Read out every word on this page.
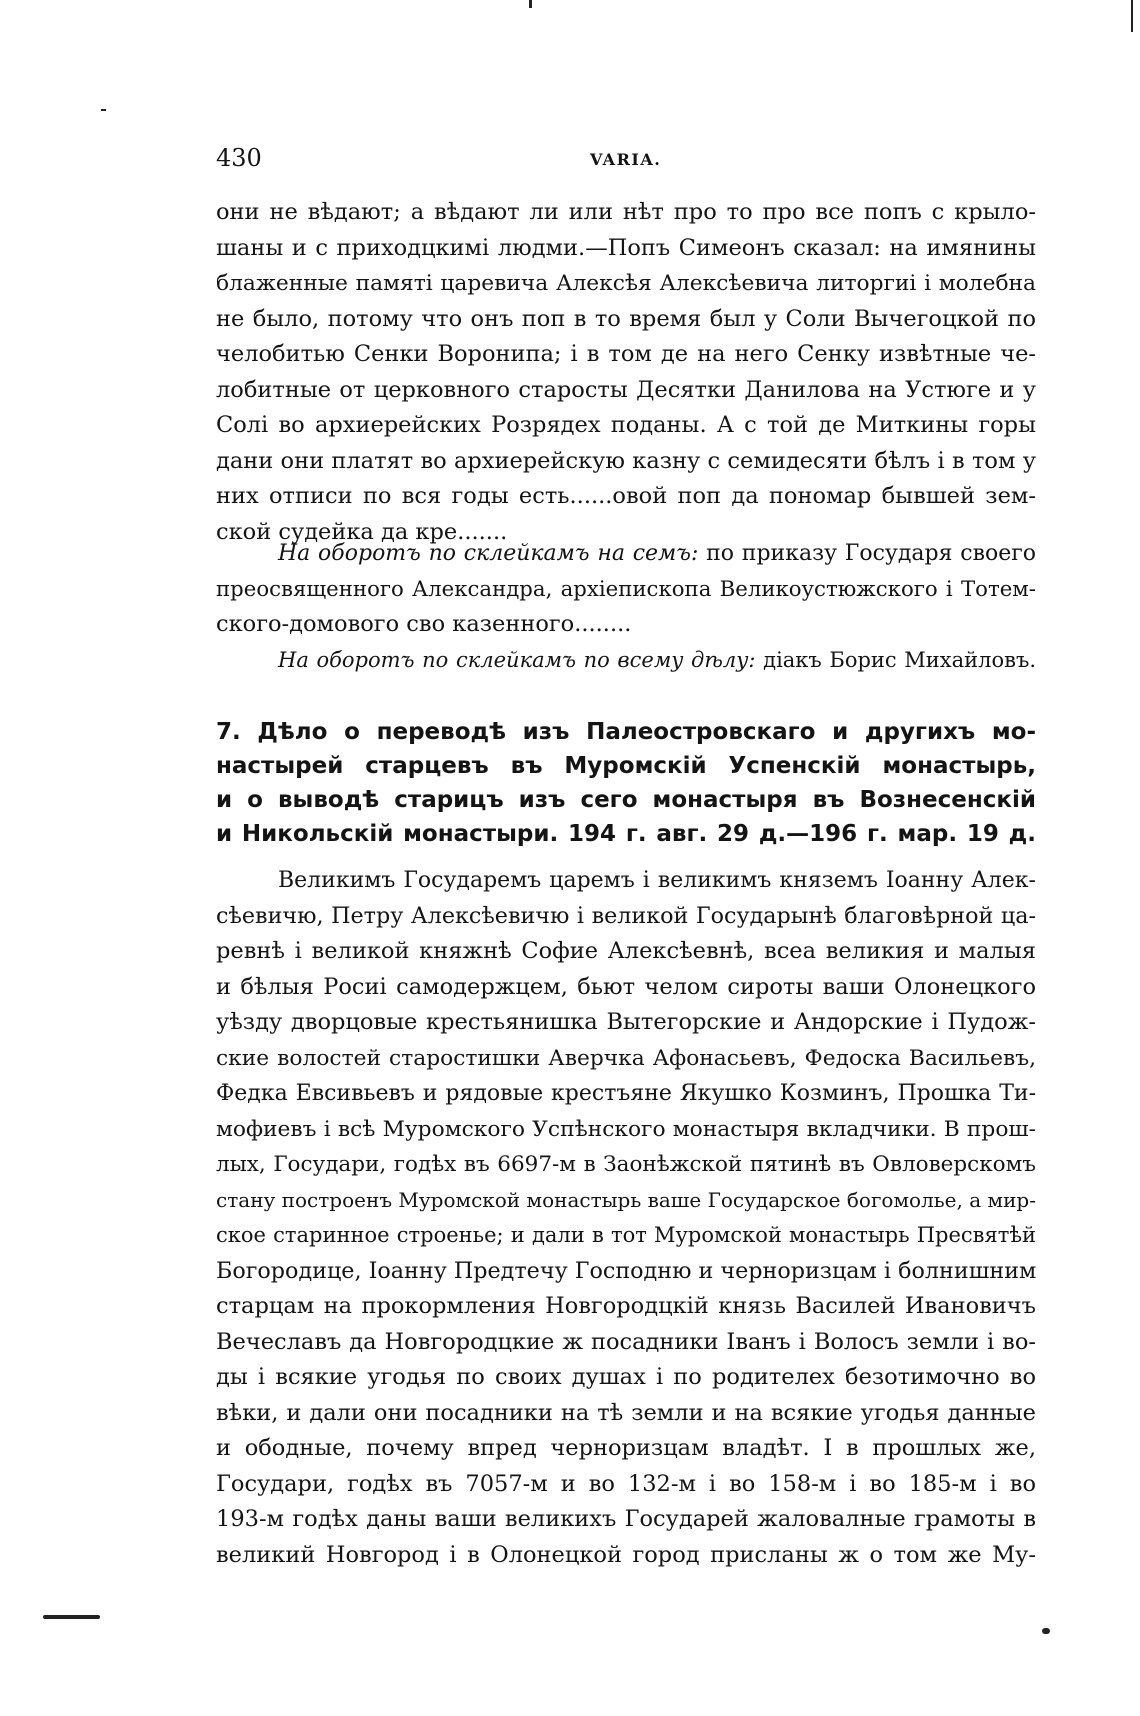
430	VARIA.
они не вѣдают; а вѣдают ли или нѣт про то про все попъ с крыло-
шаны и с приходцкимі людми.—Попъ Симеонъ сказал: на имянины
блаженные памяті царевича Алексѣя Алексѣевича литоргиі і молебна
не было, потому что онъ поп в то время был у Соли Вычегоцкой по
челобитью Сенки Воронипа; і в том де на него Сенку извѣтные че-
лобитные от церковного старосты Десятки Данилова на Устюге и у
Солі во архиерейских Розрядех поданы. А с той де Миткины горы
дани они платят во архиерейскую казну с семидесяти бѣлъ і в том у
них отписи по вся годы есть......овой поп да пономар бывшей зем-
ской судейка да кре.......
На оборотъ по склейкамъ на семъ: по приказу Государя своего
преосвященного Александра, архіепископа Великоустюжского і Тотем-
ского-домового сво казенного........
На оборотъ по склейкамъ по всему дѣлу: діакъ Борис Михайловъ.
7. Дѣло о переводѣ изъ Палеостровскаго и другихъ мо-
настырей старцевъ въ Муромскій Успенскій монастырь,
и о выводѣ старицъ изъ сего монастыря въ Вознесенскій
и Никольскій монастыри. 194 г. авг. 29 д.—196 г. мар. 19 д.
Великимъ Государемъ царемъ і великимъ княземъ Іоанну Алек-
сѣевичю, Петру Алексѣевичю і великой Государынѣ благовѣрной ца-
ревнѣ і великой княжнѣ Софие Алексѣевнѣ, всеа великия и малыя
и бѣлыя Росиі самодержцем, бьют челом сироты ваши Олонецкого
уѣзду дворцовые крестьянишка Вытегорские и Андорские і Пудож-
ские волостей старостишки Аверчка Афонасьевъ, Федоска Васильевъ,
Федка Евсивьевъ и рядовые крестъяне Якушко Козминъ, Прошка Ти-
мофиевъ і всѣ Муромского Успѣнского монастыря вкладчики. В прош-
лых, Государи, годѣх въ 6697-м в Заонѣжской пятинѣ въ Овловерскомъ
стану построенъ Муромской монастырь ваше Государское богомолье, а мир-
ское старинное строенье; и дали в тот Муромской монастырь Пресвятѣй
Богородице, Іоанну Предтечу Господню и черноризцам і болнишним
старцам на прокормления Новгородцкій князь Василей Ивановичъ
Вечеславъ да Новгородцкие ж посадники Іванъ і Волосъ земли і во-
ды і всякие угодья по своих душах і по родителех безотимочно во
вѣки, и дали они посадники на тѣ земли и на всякие угодья данные
и ободные, почему впред черноризцам владѣт. І в прошлых же,
Государи, годѣх въ 7057-м и во 132-м і во 158-м і во 185-м і во
193-м годѣх даны ваши великихъ Государей жаловалные грамоты в
великий Новгород і в Олонецкой город присланы ж о том же Му-
